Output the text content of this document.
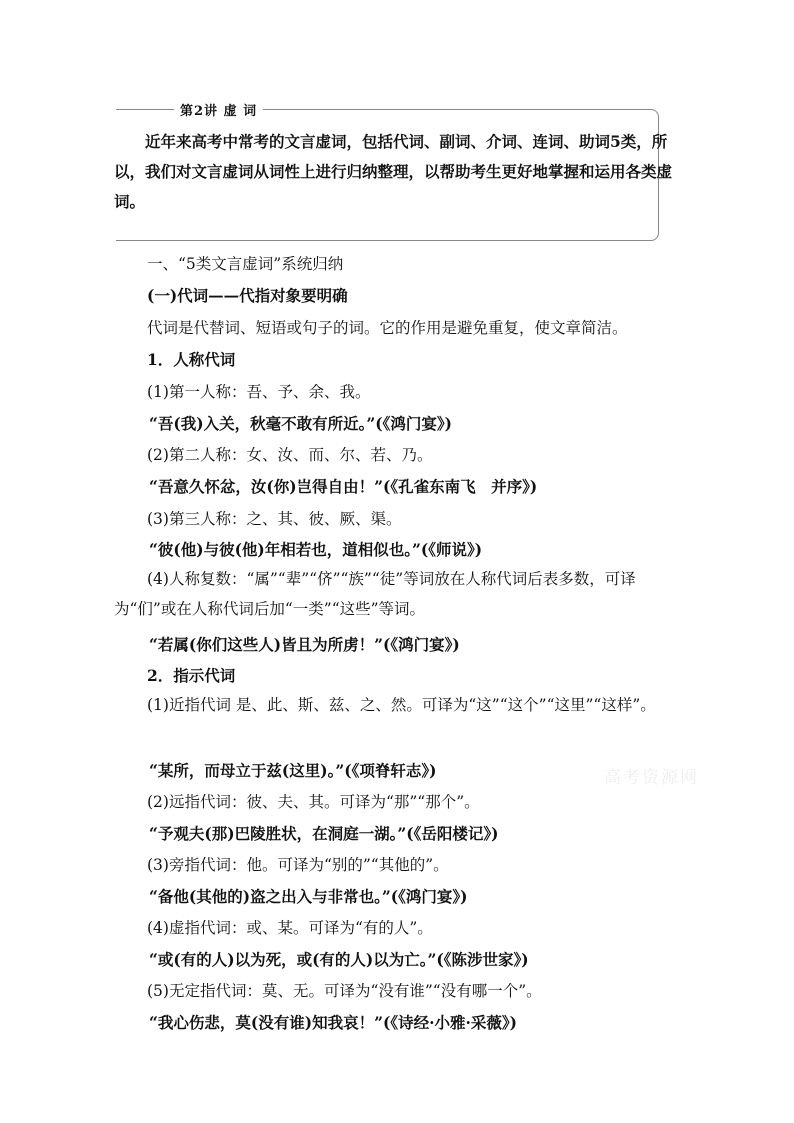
第2讲 虚 词

近年来高考中常考的文言虚词，包括代词、副词、介词、连词、助词5类，所以，我们对文言虚词从词性上进行归纳整理，以帮助考生更好地掌握和运用各类虚词。

一、“5类文言虚词”系统归纳

(一)代词——代指对象要明确

代词是代替词、短语或句子的词。它的作用是避免重复，使文章简洁。

1．人称代词

(1)第一人称：吾、予、余、我。

“吾(我)入关，秋毫不敢有所近。”(《鸿门宴》)

(2)第二人称：女、汝、而、尔、若、乃。

“吾意久怀忿，汝(你)岂得自由！”(《孔雀东南飞　并序》)

(3)第三人称：之、其、彼、厥、渠。

“彼(他)与彼(他)年相若也，道相似也。”(《师说》)

(4)人称复数：“属”“辈”“侪”“族”“徒”等词放在人称代词后表多数，可译为“们”或在人称代词后加“一类”“这些”等词。

“若属(你们这些人)皆且为所虏！”(《鸿门宴》)

2．指示代词

(1)近指代词 是、此、斯、兹、之、然。可译为“这”“这个”“这里”“这样”。

“某所，而母立于兹(这里)。”(《项脊轩志》)

(2)远指代词：彼、夫、其。可译为“那”“那个”。

“予观夫(那)巴陵胜状，在洞庭一湖。”(《岳阳楼记》)

(3)旁指代词：他。可译为“别的”“其他的”。

“备他(其他的)盗之出入与非常也。”(《鸿门宴》)

(4)虚指代词：或、某。可译为“有的人”。

“或(有的人)以为死，或(有的人)以为亡。”(《陈涉世家》)

(5)无定指代词：莫、无。可译为“没有谁”“没有哪一个”。

“我心伤悲，莫(没有谁)知我哀！”(《诗经·小雅·采薇》)

高考资源网
